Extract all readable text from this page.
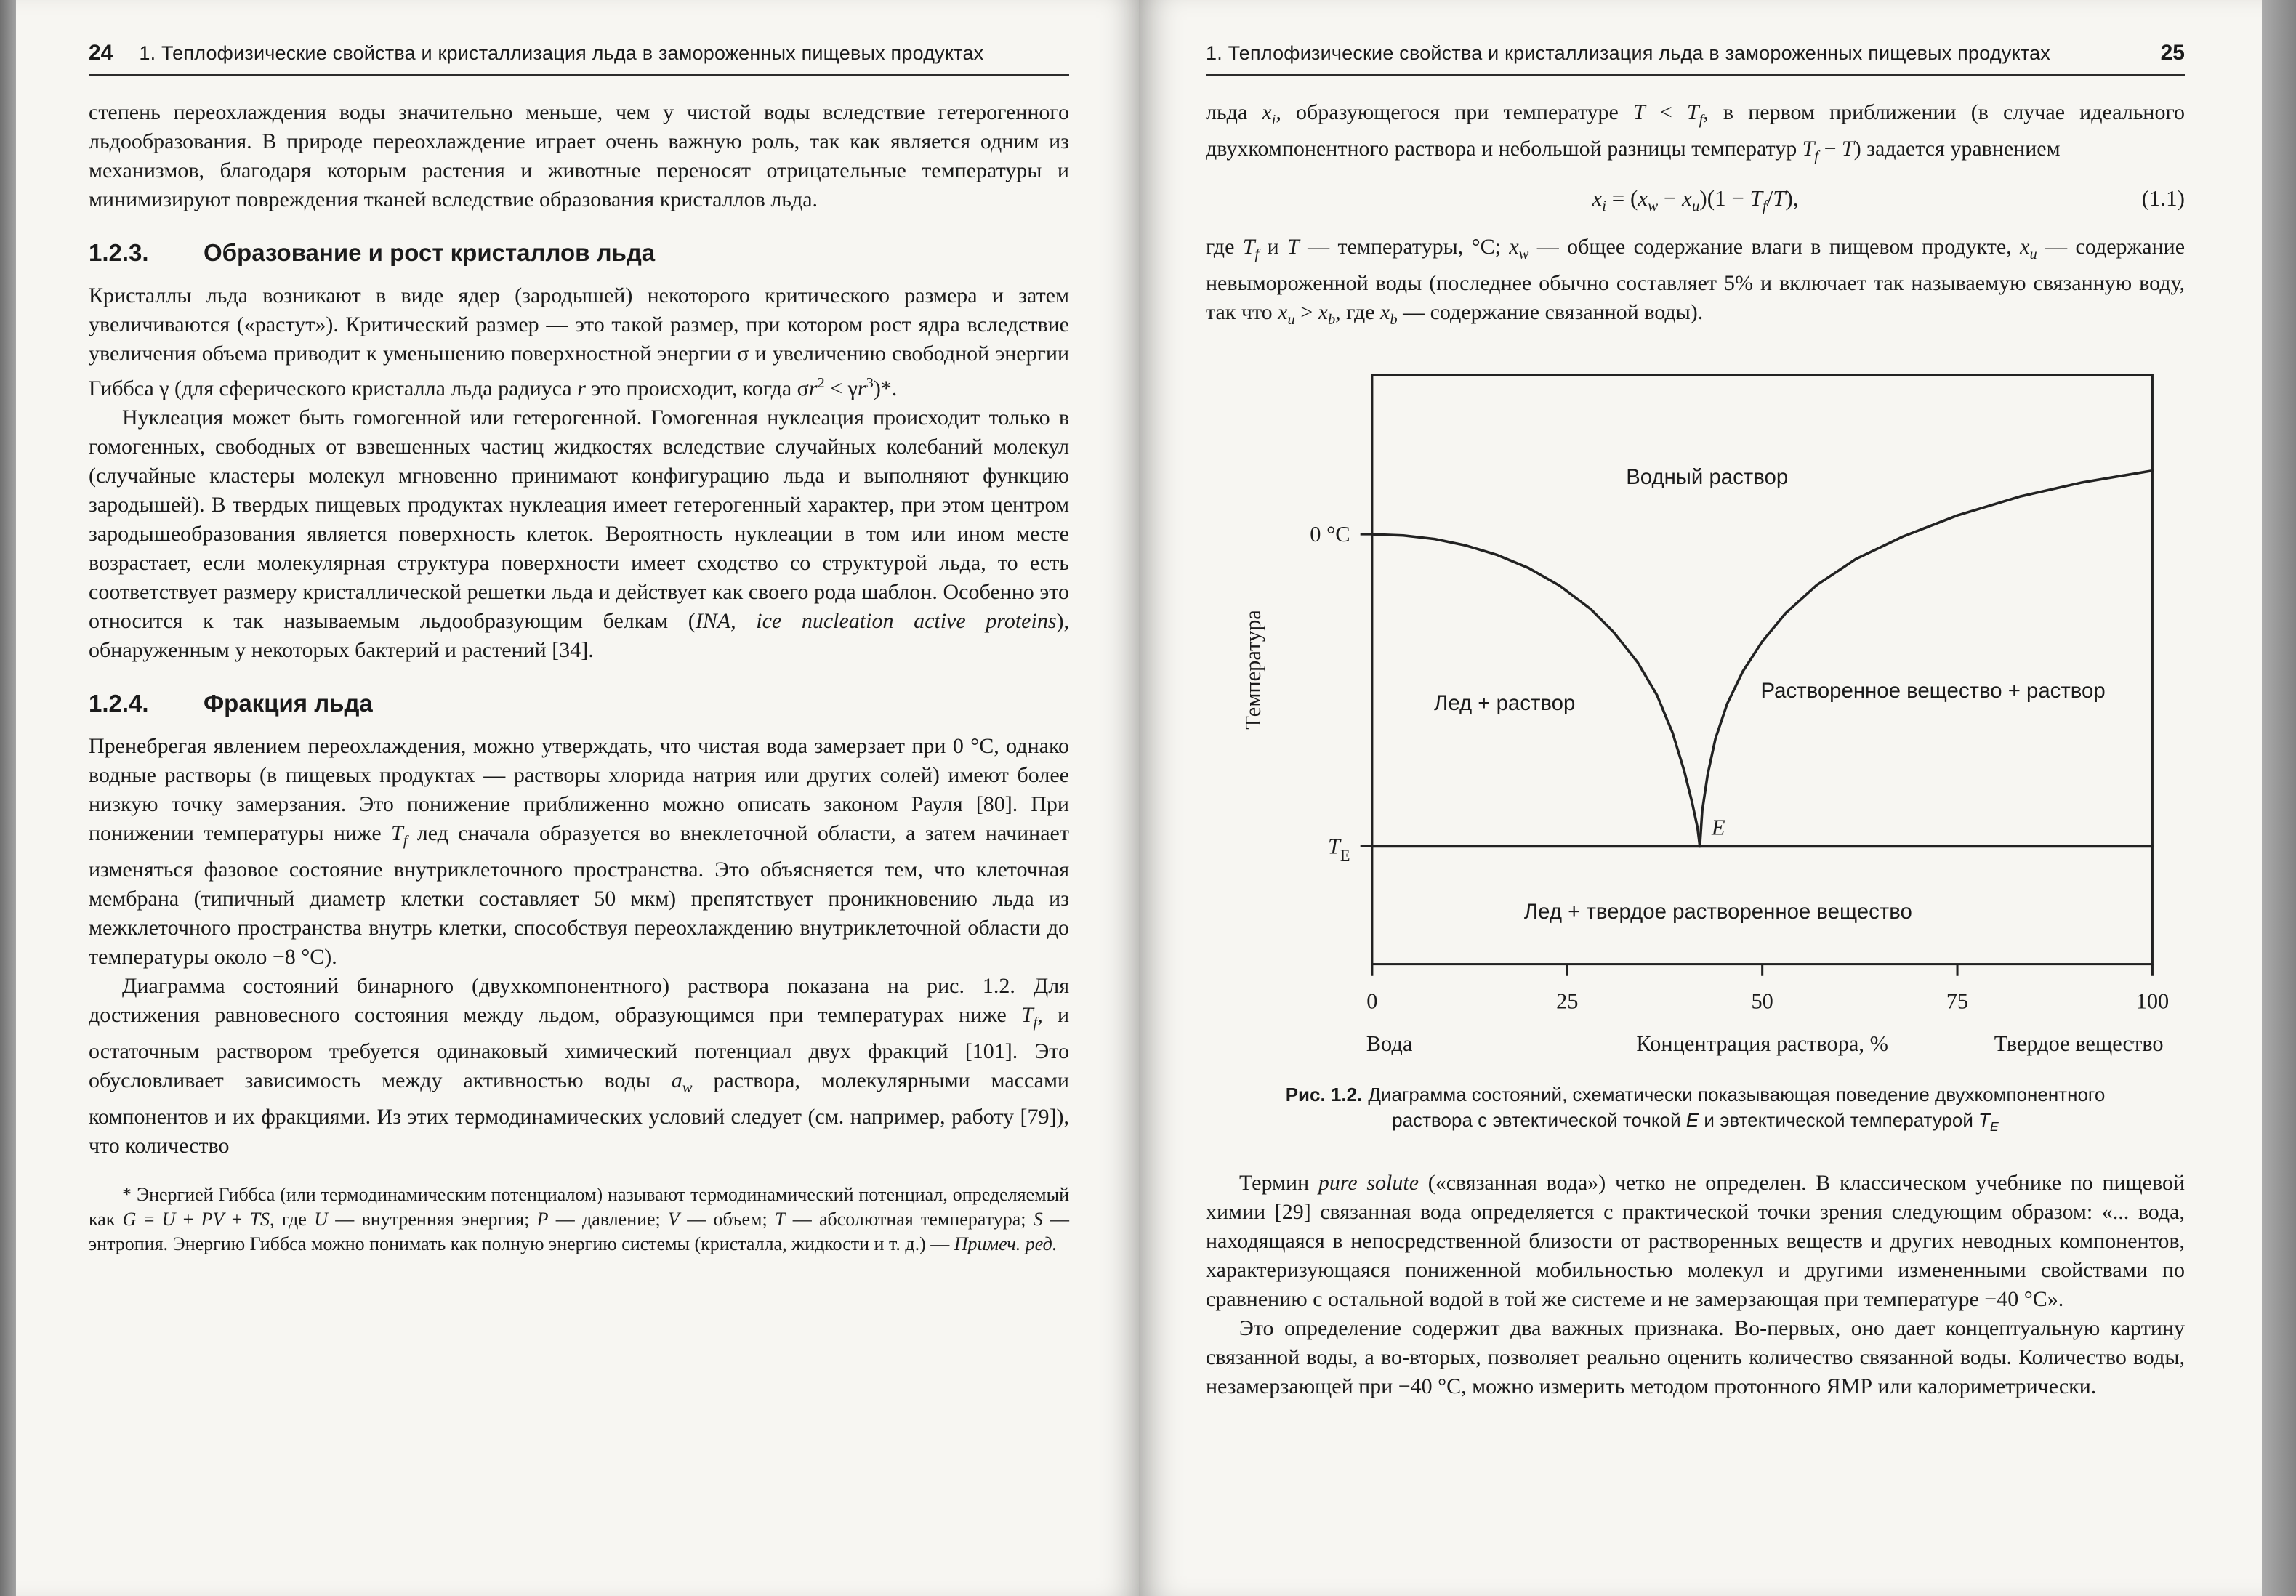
24 1. Теплофизические свойства и кристаллизация льда в замороженных пищевых продуктах

степень переохлаждения воды значительно меньше, чем у чистой воды вследствие гетерогенного льдообразования. В природе переохлаждение играет очень важную роль, так как является одним из механизмов, благодаря которым растения и животные переносят отрицательные температуры и минимизируют повреждения тканей вследствие образования кристаллов льда.

1.2.3.	Образование и рост кристаллов льда

Кристаллы льда возникают в виде ядер (зародышей) некоторого критического размера и затем увеличиваются («растут»). Критический размер — это такой размер, при котором рост ядра вследствие увеличения объема приводит к уменьшению поверхностной энергии σ и увеличению свободной энергии Гиббса γ (для сферического кристалла льда радиуса r это происходит, когда $\sigma r^2 < \gamma r^3)*$.

Нуклеация может быть гомогенной или гетерогенной. Гомогенная нуклеация происходит только в гомогенных, свободных от взвешенных частиц жидкостях вследствие случайных колебаний молекул (случайные кластеры молекул мгновенно принимают конфигурацию льда и выполняют функцию зародышей). В твердых пищевых продуктах нуклеация имеет гетерогенный характер, при этом центром зародышеобразования является поверхность клеток. Вероятность нуклеации в том или ином месте возрастает, если молекулярная структура поверхности имеет сходство со структурой льда, то есть соответствует размеру кристаллической решетки льда и действует как своего рода шаблон. Особенно это относится к так называемым льдообразующим белкам (INA, ice nucleation active proteins), обнаруженным у некоторых бактерий и растений [34].

1.2.4.	Фракция льда

Пренебрегая явлением переохлаждения, можно утверждать, что чистая вода замерзает при 0 °С, однако водные растворы (в пищевых продуктах — растворы хлорида натрия или других солей) имеют более низкую точку замерзания. Это понижение приближенно можно описать законом Рауля [80]. При понижении температуры ниже $T_f$ лед сначала образуется во внеклеточной области, а затем начинает изменяться фазовое состояние внутриклеточного пространства. Это объясняется тем, что клеточная мембрана (типичный диаметр клетки составляет 50 мкм) препятствует проникновению льда из межклеточного пространства внутрь клетки, способствуя переохлаждению внутриклеточной области до температуры около −8 °С).

Диаграмма состояний бинарного (двухкомпонентного) раствора показана на рис. 1.2. Для достижения равновесного состояния между льдом, образующимся при температурах ниже $T_f$, и остаточным раствором требуется одинаковый химический потенциал двух фракций [101]. Это обусловливает зависимость между активностью воды $a_w$ раствора, молекулярными массами компонентов и их фракциями. Из этих термодинамических условий следует (см. например, работу [79]), что количество

* Энергией Гиббса (или термодинамическим потенциалом) называют термодинамический потенциал, определяемый как G = U + PV + TS, где U — внутренняя энергия; P — давление; V — объем; T — абсолютная температура; S — энтропия. Энергию Гиббса можно понимать как полную энергию системы (кристалла, жидкости и т. д.) — Примеч. ред.

1. Теплофизические свойства и кристаллизация льда в замороженных пищевых продуктах	25

льда $x_i$, образующегося при температуре $T < T_f$, в первом приближении (в случае идеального двухкомпонентного раствора и небольшой разницы температур $T_f - T$) задается уравнением

$x_i = (x_w - x_u)(1 - T_f/T)$,	(1.1)

где $T_f$ и T — температуры, °С; $x_w$ — общее содержание влаги в пищевом продукте, $x_u$ — содержание невымороженной воды (последнее обычно составляет 5% и включает так называемую связанную воду, так что $x_u > x_b$, где $x_b$ — содержание связанной воды).

0	25	50	75	100
Водный раствор
Лед + раствор
Растворенное вещество + раствор
Лед + твердое растворенное вещество
E
0 °С
$T_E$
Температура
Вода	Концентрация раствора, %	Твердое вещество
Рис. 1.2. Диаграмма состояний, схематически показывающая поведение двухкомпонентного раствора с эвтектической точкой E и эвтектической температурой $T_E$

Термин pure solute («связанная вода») четко не определен. В классическом учебнике по пищевой химии [29] связанная вода определяется с практической точки зрения следующим образом: «... вода, находящаяся в непосредственной близости от растворенных веществ и других неводных компонентов, характеризующаяся пониженной мобильностью молекул и другими измененными свойствами по сравнению с остальной водой в той же системе и не замерзающая при температуре −40 °С».

Это определение содержит два важных признака. Во-первых, оно дает концептуальную картину связанной воды, а во-вторых, позволяет реально оценить количество связанной воды. Количество воды, незамерзающей при −40 °С, можно измерить методом протонного ЯМР или калориметрически.
